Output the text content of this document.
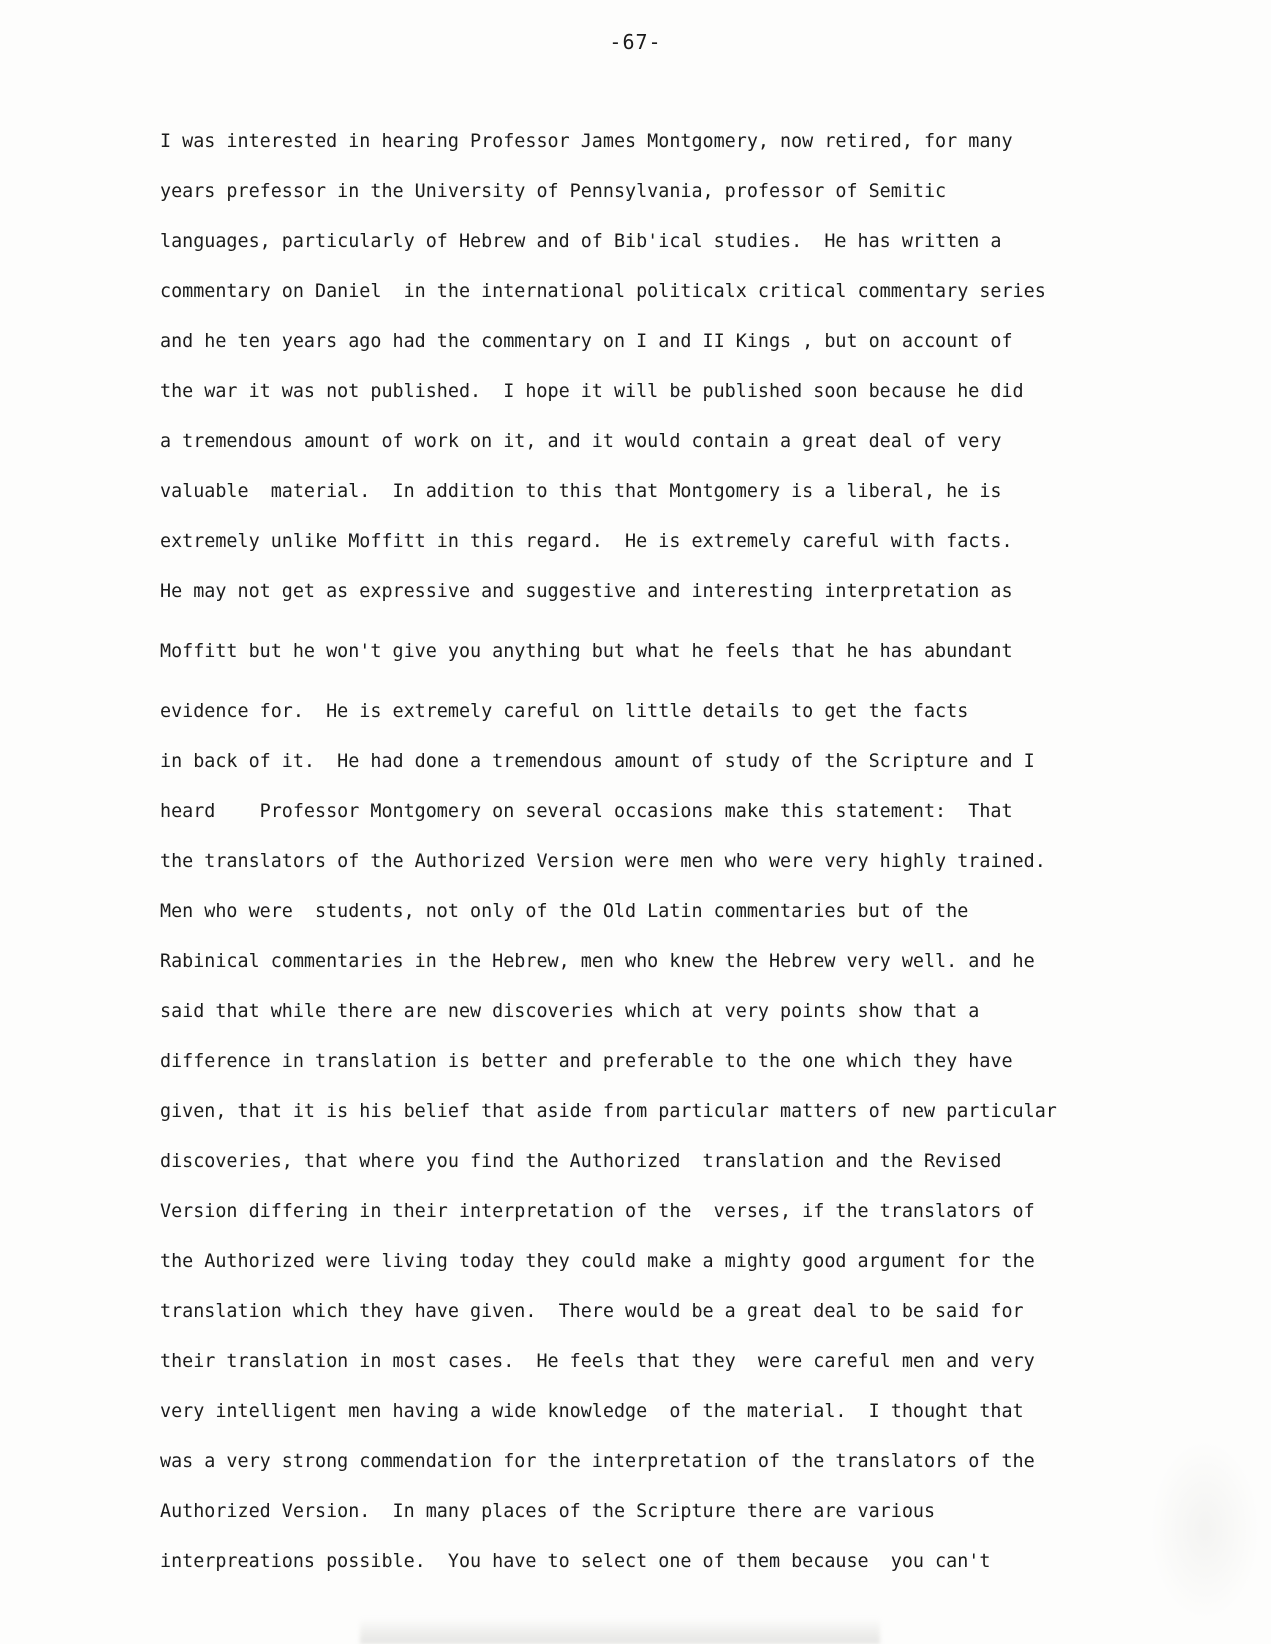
-67-
I was interested in hearing Professor James Montgomery, now retired, for many
years prefessor in the University of Pennsylvania, professor of Semitic
languages, particularly of Hebrew and of Bib'ical studies.  He has written a
commentary on Daniel  in the international politicalx critical commentary series
and he ten years ago had the commentary on I and II Kings , but on account of
the war it was not published.  I hope it will be published soon because he did
a tremendous amount of work on it, and it would contain a great deal of very
valuable  material.  In addition to this that Montgomery is a liberal, he is
extremely unlike Moffitt in this regard.  He is extremely careful with facts.
He may not get as expressive and suggestive and interesting interpretation as
Moffitt but he won't give you anything but what he feels that he has abundant
evidence for.  He is extremely careful on little details to get the facts
in back of it.  He had done a tremendous amount of study of the Scripture and I
heard    Professor Montgomery on several occasions make this statement:  That
the translators of the Authorized Version were men who were very highly trained.
Men who were  students, not only of the Old Latin commentaries but of the
Rabinical commentaries in the Hebrew, men who knew the Hebrew very well. and he
said that while there are new discoveries which at very points show that a
difference in translation is better and preferable to the one which they have
given, that it is his belief that aside from particular matters of new particular
discoveries, that where you find the Authorized  translation and the Revised
Version differing in their interpretation of the  verses, if the translators of
the Authorized were living today they could make a mighty good argument for the
translation which they have given.  There would be a great deal to be said for
their translation in most cases.  He feels that they  were careful men and very
very intelligent men having a wide knowledge  of the material.  I thought that
was a very strong commendation for the interpretation of the translators of the
Authorized Version.  In many places of the Scripture there are various
interpreations possible.  You have to select one of them because  you can't
